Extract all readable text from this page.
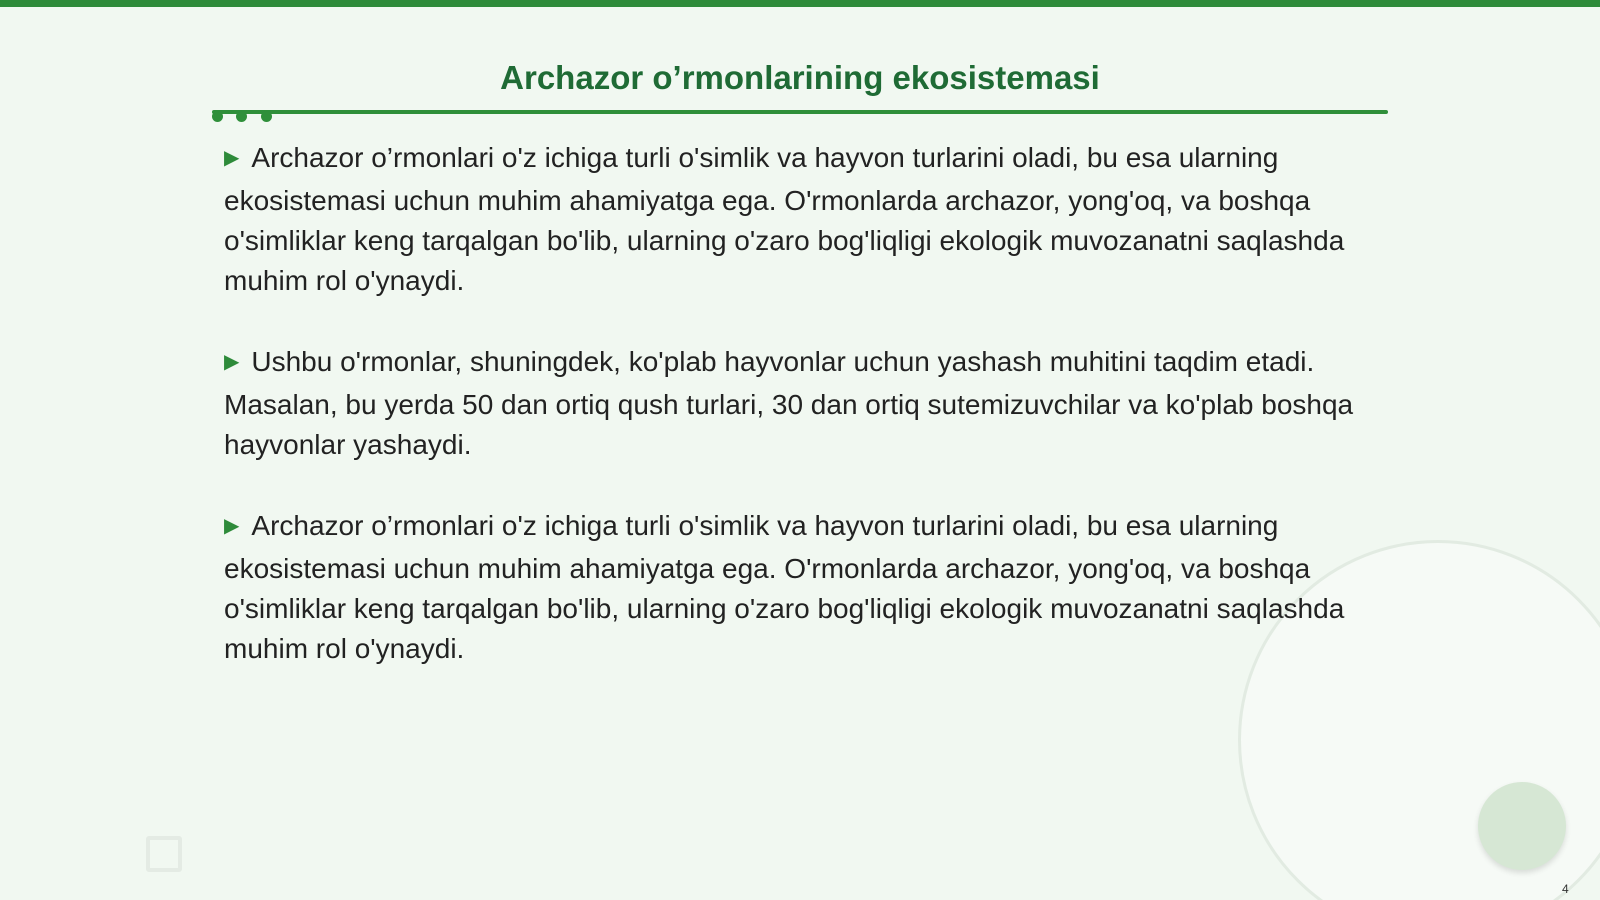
Archazor o’rmonlarining ekosistemasi

▶ Archazor o’rmonlari o'z ichiga turli o'simlik va hayvon turlarini oladi, bu esa ularning ekosistemasi uchun muhim ahamiyatga ega. O'rmonlarda archazor, yong'oq, va boshqa o'simliklar keng tarqalgan bo'lib, ularning o'zaro bog'liqligi ekologik muvozanatni saqlashda muhim rol o'ynaydi.

▶ Ushbu o'rmonlar, shuningdek, ko'plab hayvonlar uchun yashash muhitini taqdim etadi. Masalan, bu yerda 50 dan ortiq qush turlari, 30 dan ortiq sutemizuvchilar va ko'plab boshqa hayvonlar yashaydi.

▶ Archazor o’rmonlari o'z ichiga turli o'simlik va hayvon turlarini oladi, bu esa ularning ekosistemasi uchun muhim ahamiyatga ega. O'rmonlarda archazor, yong'oq, va boshqa o'simliklar keng tarqalgan bo'lib, ularning o'zaro bog'liqligi ekologik muvozanatni saqlashda muhim rol o'ynaydi.

4
